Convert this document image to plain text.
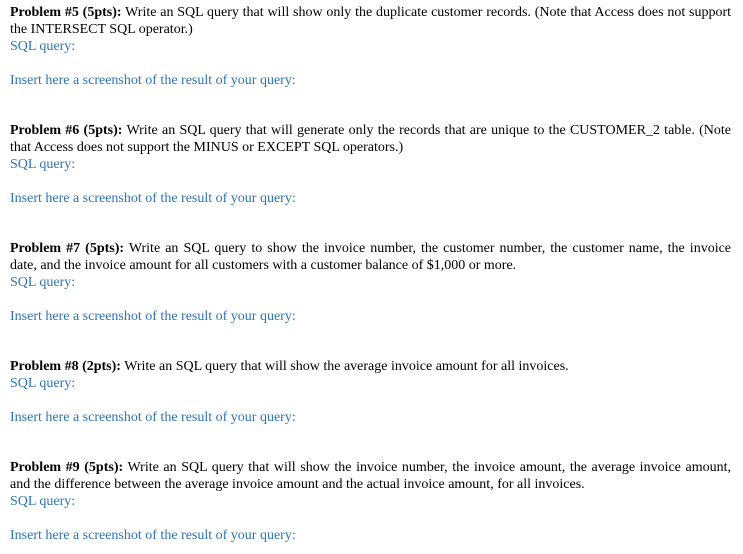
Problem #5 (5pts): Write an SQL query that will show only the duplicate customer records. (Note that Access does not support the INTERSECT SQL operator.)

SQL query:

Insert here a screenshot of the result of your query:

Problem #6 (5pts): Write an SQL query that will generate only the records that are unique to the CUSTOMER_2 table. (Note that Access does not support the MINUS or EXCEPT SQL operators.)

SQL query:

Insert here a screenshot of the result of your query:

Problem #7 (5pts): Write an SQL query to show the invoice number, the customer number, the customer name, the invoice date, and the invoice amount for all customers with a customer balance of $1,000 or more.

SQL query:

Insert here a screenshot of the result of your query:

Problem #8 (2pts): Write an SQL query that will show the average invoice amount for all invoices.

SQL query:

Insert here a screenshot of the result of your query:

Problem #9 (5pts): Write an SQL query that will show the invoice number, the invoice amount, the average invoice amount, and the difference between the average invoice amount and the actual invoice amount, for all invoices.

SQL query:

Insert here a screenshot of the result of your query:
